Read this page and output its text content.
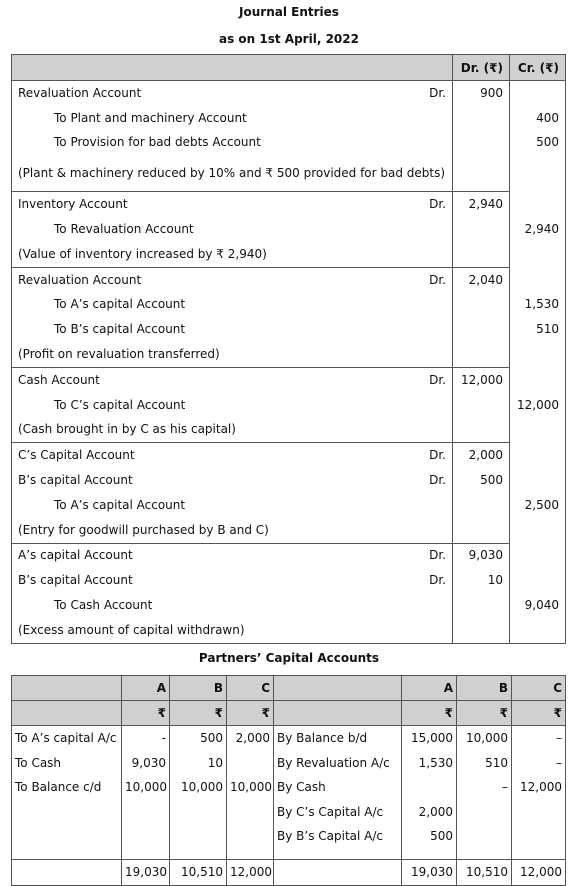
Journal Entries
as on 1st April, 2022
	Dr. (₹)	Cr. (₹)

Revaluation Account Dr.	900	

To Plant and machinery Account		400

To Provision for bad debts Account		500
(Plant & machinery reduced by 10% and ₹ 500 provided for bad debts)		

Inventory Account Dr.	2,940	

To Revaluation Account		2,940
(Value of inventory increased by ₹ 2,940)		

Revaluation Account Dr.	2,040	

To A’s capital Account		1,530

To B’s capital Account		510
(Profit on revaluation transferred)		

Cash Account Dr.	12,000	

To C’s capital Account		12,000
(Cash brought in by C as his capital)		

C’s Capital Account Dr.	2,000	

B’s capital Account Dr.	500	

To A’s capital Account		2,500
(Entry for goodwill purchased by B and C)		

A’s capital Account Dr.	9,030	

B’s capital Account Dr.	10	

To Cash Account		9,040
(Excess amount of capital withdrawn)		
Partners’ Capital Accounts
	A	B	C		A	B	C
	₹	₹	₹		₹	₹	₹
To A’s capital A/c	-	500	2,000	By Balance b/d	15,000	10,000	–
To Cash	9,030	10		By Revaluation A/c	1,530	510	–
To Balance c/d	10,000	10,000	10,000	By Cash		–	12,000
				By C’s Capital A/c	2,000		
				By B’s Capital A/c	500		

	19,030	10,510	12,000		19,030	10,510	12,000
